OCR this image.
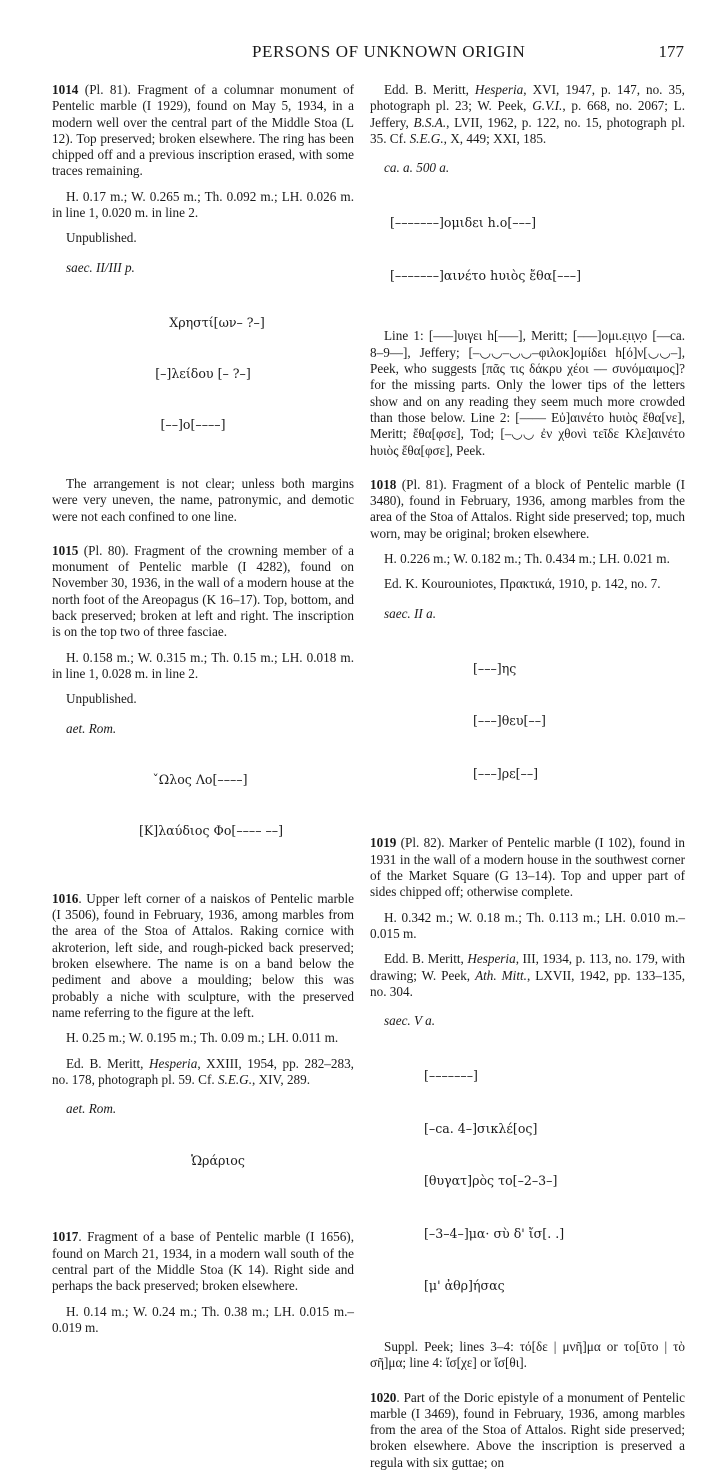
PERSONS OF UNKNOWN ORIGIN	177

1014 (Pl. 81). Fragment of a columnar monument of Pentelic marble (I 1929), found on May 5, 1934, in a modern well over the central part of the Middle Stoa (L 12). Top preserved; broken elsewhere. The ring has been chipped off and a previous inscription erased, with some traces remaining.

H. 0.17 m.; W. 0.265 m.; Th. 0.092 m.; LH. 0.026 m. in line 1, 0.020 m. in line 2.

Unpublished.

saec. II/III p.

Χρηστί[ων– ?–]

[–]λείδου [– ?–]

[––]ο[––––]

The arrangement is not clear; unless both margins were very uneven, the name, patronymic, and demotic were not each confined to one line.

1015 (Pl. 80). Fragment of the crowning member of a monument of Pentelic marble (I 4282), found on November 30, 1936, in the wall of a modern house at the north foot of the Areopagus (K 16–17). Top, bottom, and back preserved; broken at left and right. The inscription is on the top two of three fasciae.

H. 0.158 m.; W. 0.315 m.; Th. 0.15 m.; LH. 0.018 m. in line 1, 0.028 m. in line 2.

Unpublished.

aet. Rom.

ˇΩλος Λο[––––]

[Κ]λαύδιος Φο[–––– ––]

1016. Upper left corner of a naiskos of Pentelic marble (I 3506), found in February, 1936, among marbles from the area of the Stoa of Attalos. Raking cornice with akroterion, left side, and rough-picked back preserved; broken elsewhere. The name is on a band below the pediment and above a moulding; below this was probably a niche with sculpture, with the preserved name referring to the figure at the left.

H. 0.25 m.; W. 0.195 m.; Th. 0.09 m.; LH. 0.011 m.

Ed. B. Meritt, Hesperia, XXIII, 1954, pp. 282–283, no. 178, photograph pl. 59. Cf. S.E.G., XIV, 289.

aet. Rom.

Ὡράριος

1017. Fragment of a base of Pentelic marble (I 1656), found on March 21, 1934, in a modern wall south of the central part of the Middle Stoa (K 14). Right side and perhaps the back preserved; broken elsewhere.

H. 0.14 m.; W. 0.24 m.; Th. 0.38 m.; LH. 0.015 m.–0.019 m.

Edd. B. Meritt, Hesperia, XVI, 1947, p. 147, no. 35, photograph pl. 23; W. Peek, G.V.I., p. 668, no. 2067; L. Jeffery, B.S.A., LVII, 1962, p. 122, no. 15, photograph pl. 35. Cf. S.E.G., X, 449; XXI, 185.

ca. a. 500 a.

[–––––––]ομιδει h.ο[–––]

[–––––––]αινέτο hυιὸς ἔθα[–––]

Line 1: [–––]υιγει h[–––], Meritt; [–––]ομι.ε̣ιι̣ν̣ο [––ca. 8–9––], Jeffery; [–◡◡–◡◡–φιλοκ]ομίδει h[ό]ν[◡◡–], Peek, who suggests [πᾶς τις δάκρυ χέοι –– συνόμαιμος]? for the missing parts. Only the lower tips of the letters show and on any reading they seem much more crowded than those below. Line 2: [–––– Εὐ]αινέτο hυιὸς ἔθα[νε], Meritt; ἔθα[φσε], Tod; [–◡◡ ἐν χθονὶ τεῖδε Κλε]αινέτο hυιὸς ἔθα[φσε], Peek.

1018 (Pl. 81). Fragment of a block of Pentelic marble (I 3480), found in February, 1936, among marbles from the area of the Stoa of Attalos. Right side preserved; top, much worn, may be original; broken elsewhere.

H. 0.226 m.; W. 0.182 m.; Th. 0.434 m.; LH. 0.021 m.

Ed. K. Kourouniotes, Πρακτικά, 1910, p. 142, no. 7.

saec. II a.

[–––]ης

[–––]θευ[––]

[–––]ρε[––]

1019 (Pl. 82). Marker of Pentelic marble (I 102), found in 1931 in the wall of a modern house in the southwest corner of the Market Square (G 13–14). Top and upper part of sides chipped off; otherwise complete.

H. 0.342 m.; W. 0.18 m.; Th. 0.113 m.; LH. 0.010 m.–0.015 m.

Edd. B. Meritt, Hesperia, III, 1934, p. 113, no. 179, with drawing; W. Peek, Ath. Mitt., LXVII, 1942, pp. 133–135, no. 304.

saec. V a.

[–––––––]

[–ca. 4–]σικλέ[ος]

[θυγατ]ρὸς το[–2–3–]

[–3–4–]μα· σὺ δ' ἴσ[. .]

[μ' ἀθρ]ήσας

Suppl. Peek; lines 3–4: τό[δε | μνῆ]μα or το[ῦτο | τὸ σῆ]μα; line 4: ἴσ[χε] or ἴσ[θι].

1020. Part of the Doric epistyle of a monument of Pentelic marble (I 3469), found in February, 1936, among marbles from the area of the Stoa of Attalos. Right side preserved; broken elsewhere. Above the inscription is preserved a regula with six guttae; on
